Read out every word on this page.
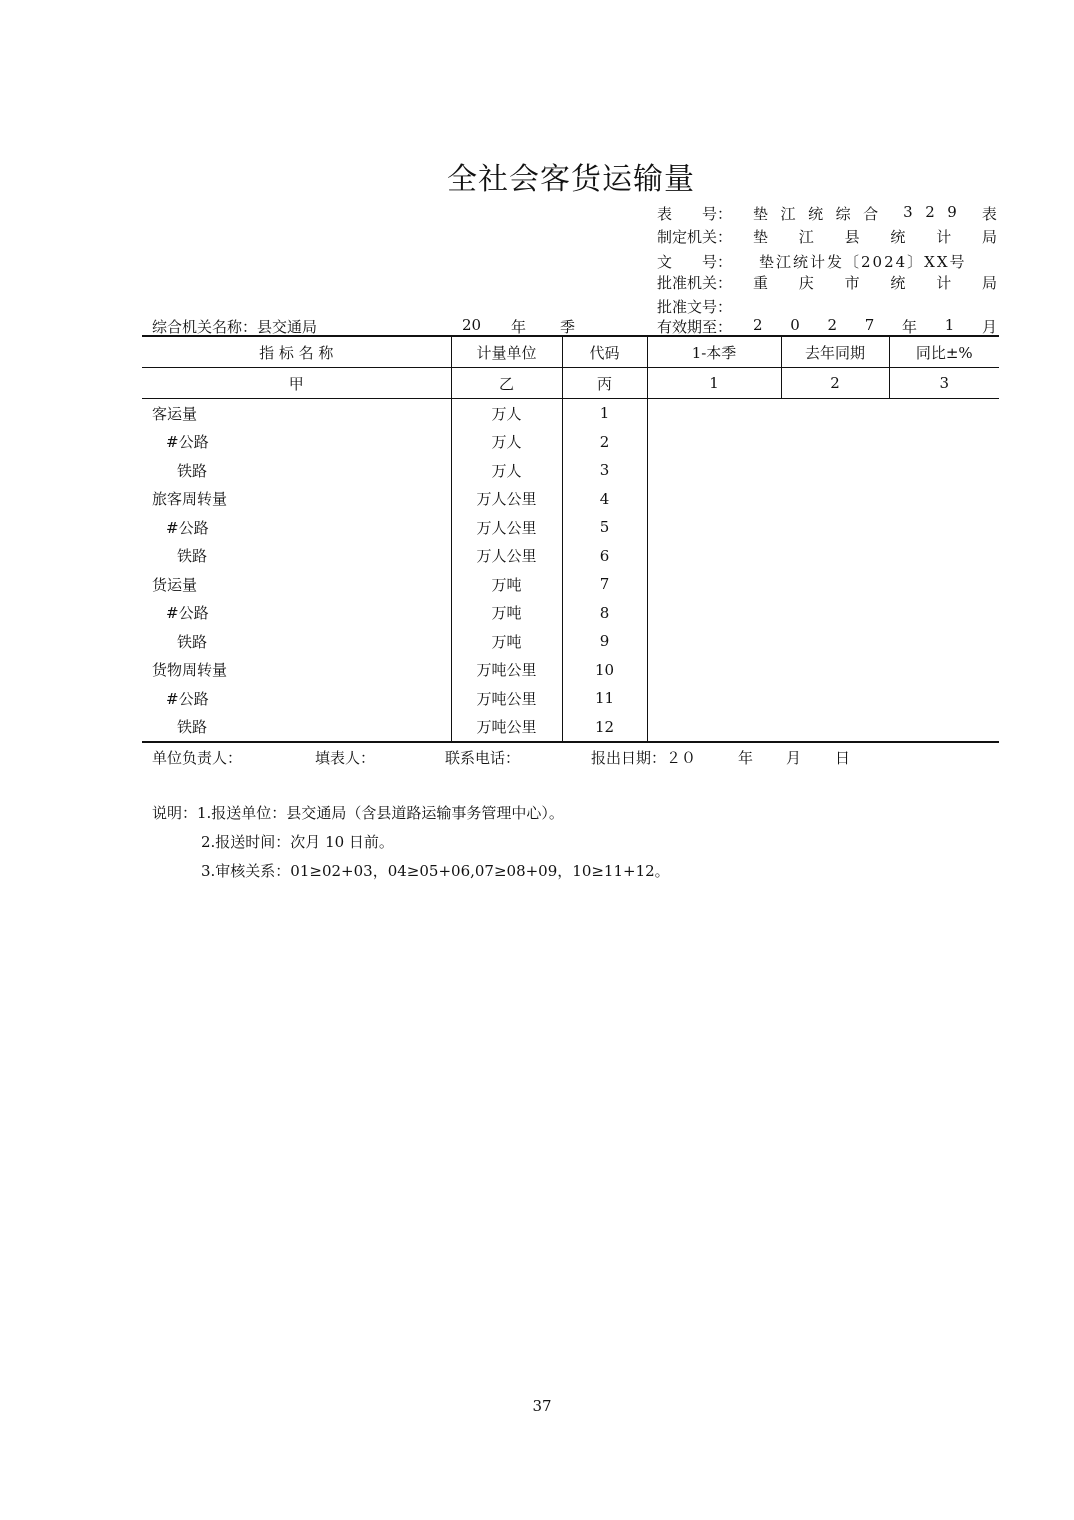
全社会客货运输量
表　　号： 垫 江 统 综 合 3 2 9 表
制定机关： 垫 江 县 统 计 局
文　　号： 垫江统计发〔2024〕XX号
批准机关： 重 庆 市 统 计 局
批准文号：
有效期至： 2 0 2 7 年 1 月
综合机关名称：县交通局	20 年 季
指 标 名 称	计量单位	代码	1-本季	去年同期	同比±%
甲	乙	丙	1	2	3
客运量	万人	1			
#公路	万人	2			
铁路	万人	3			
旅客周转量	万人公里	4			
#公路	万人公里	5			
铁路	万人公里	6			
货运量	万吨	7			
#公路	万吨	8			
铁路	万吨	9			
货物周转量	万吨公里	10			
#公路	万吨公里	11			
铁路	万吨公里	12			
单位负责人：	填表人：	联系电话：	报出日期：２０	年 月 日
说明：1.报送单位：县交通局（含县道路运输事务管理中心）。
2.报送时间：次月 10 日前。
3.审核关系：01≥02+03，04≥05+06,07≥08+09，10≥11+12。
37
